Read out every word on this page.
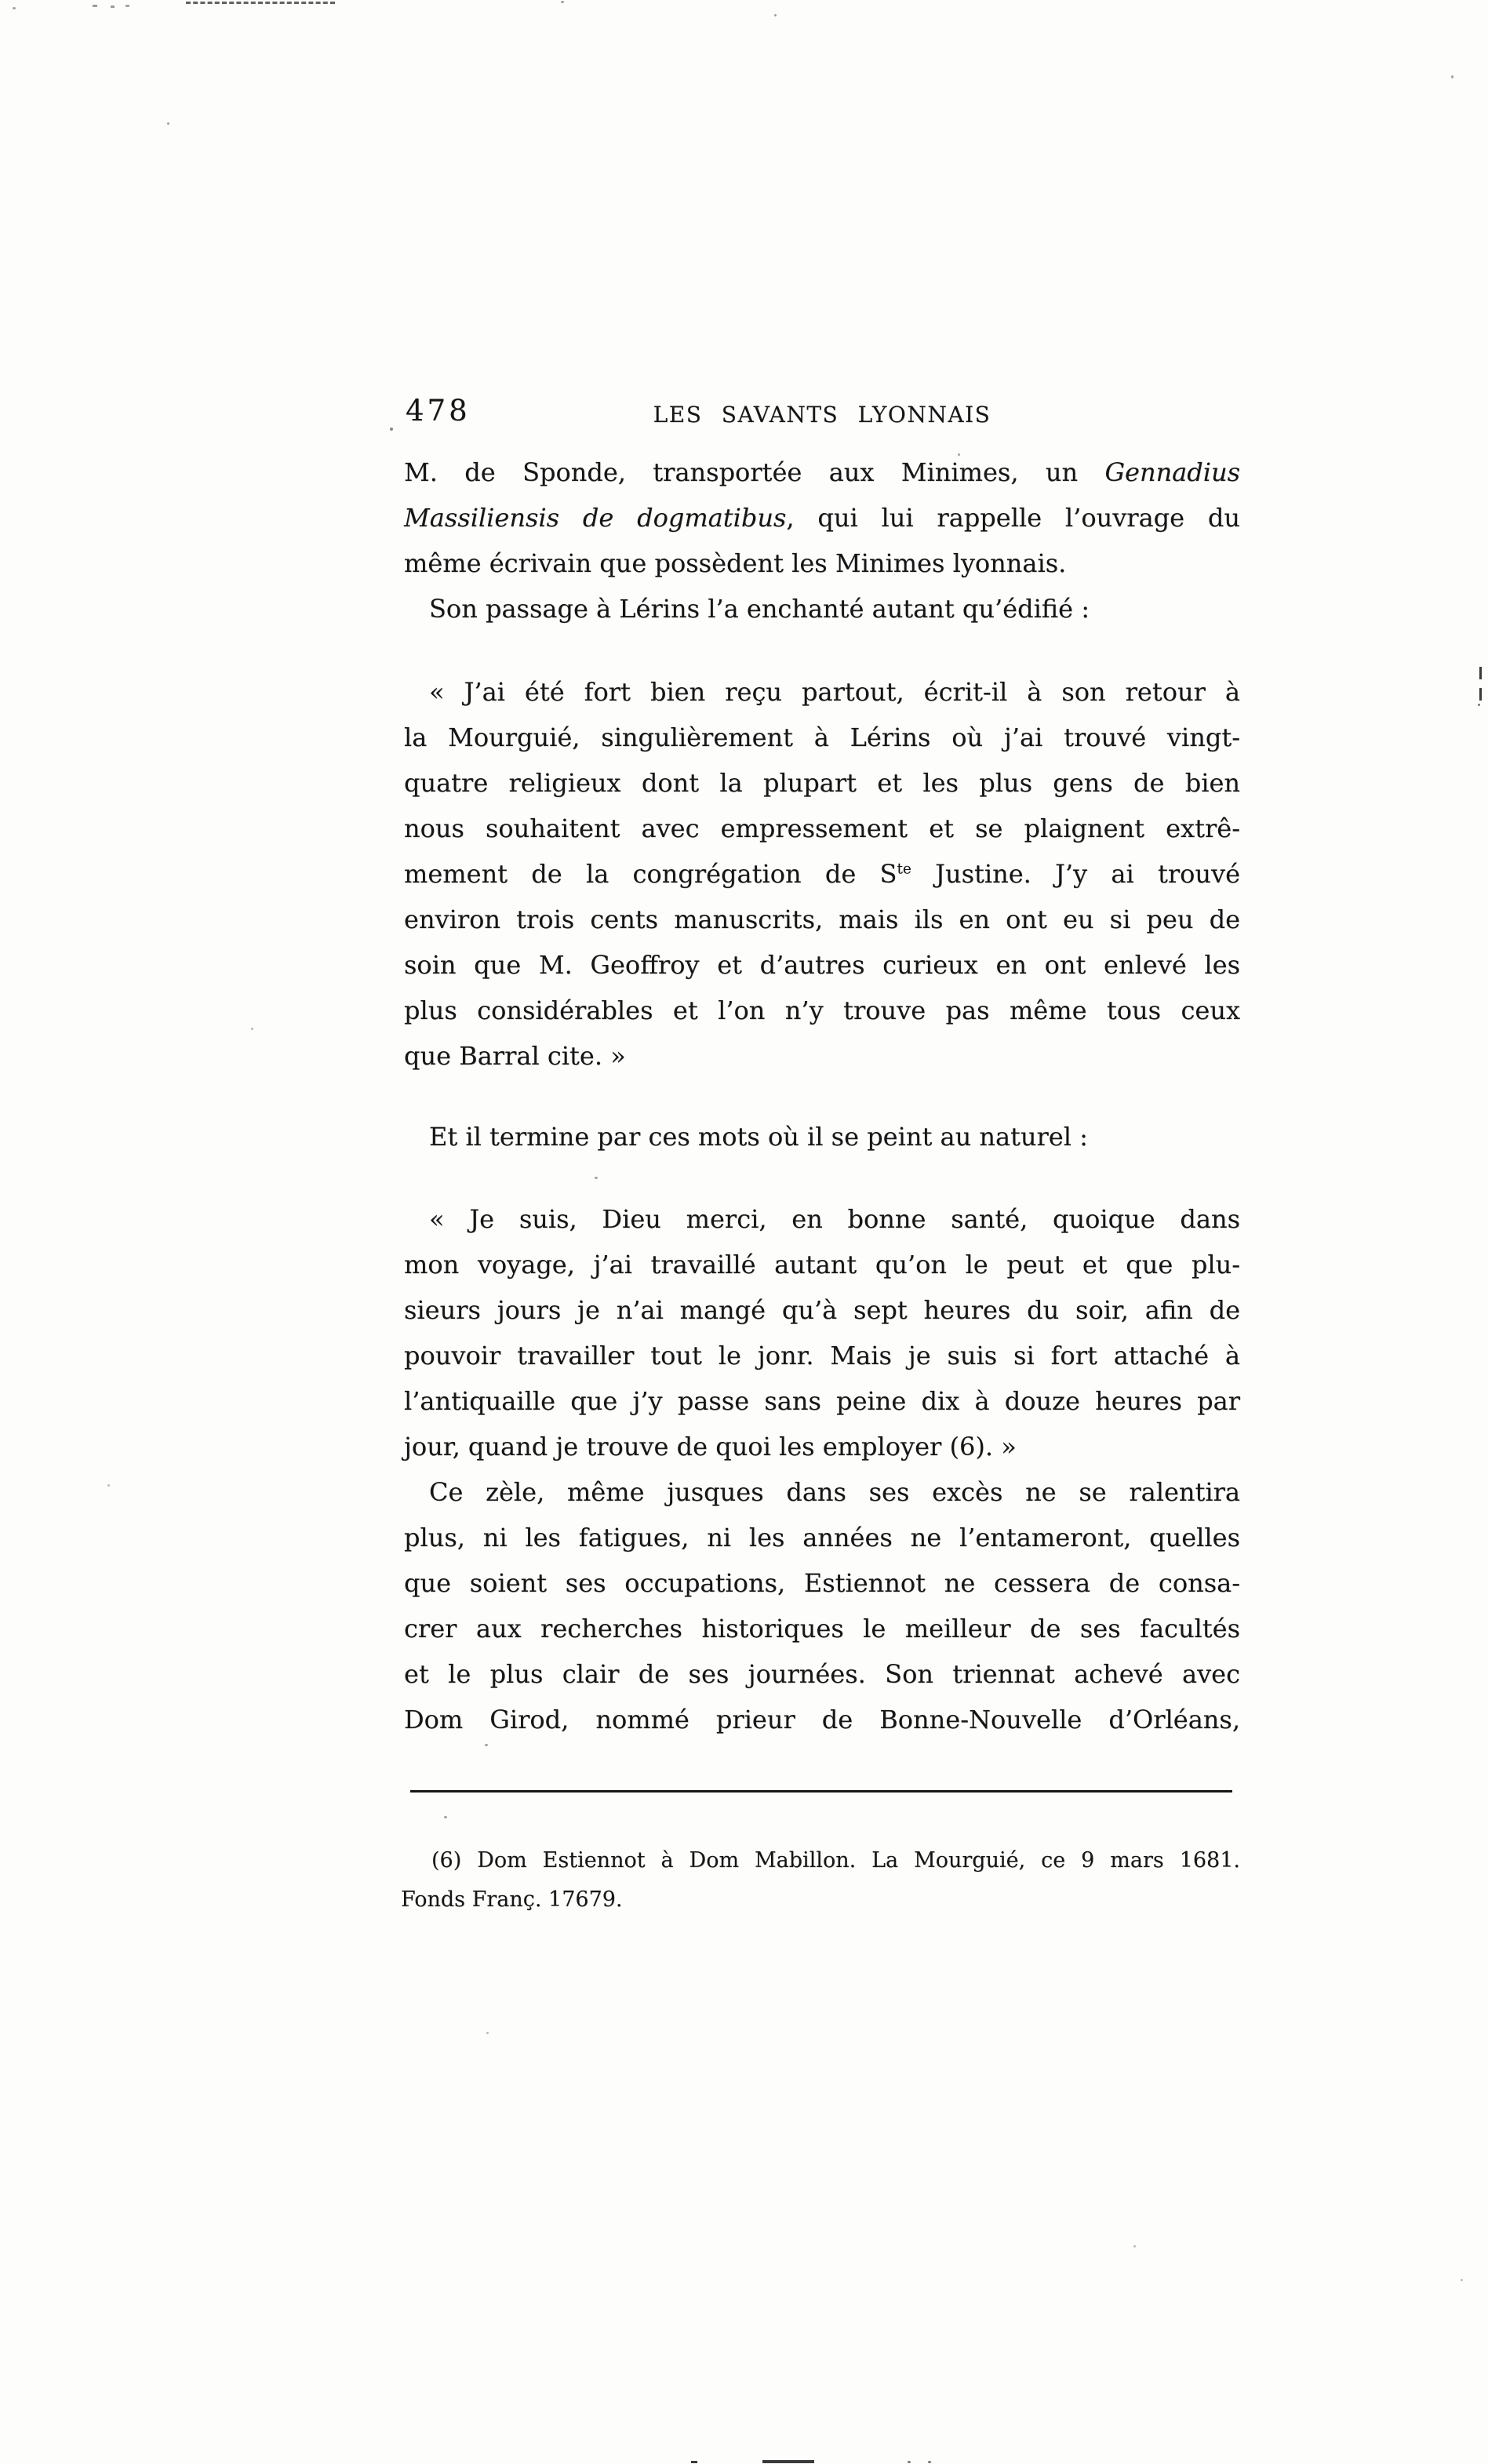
478	LES SAVANTS LYONNAIS
M. de Sponde, transportée aux Minimes, un Gennadius
Massiliensis de dogmatibus, qui lui rappelle l’ouvrage du
même écrivain que possèdent les Minimes lyonnais.
Son passage à Lérins l’a enchanté autant qu’édifié :
« J’ai été fort bien reçu partout, écrit-il à son retour à
la Mourguié, singulièrement à Lérins où j’ai trouvé vingt-
quatre religieux dont la plupart et les plus gens de bien
nous souhaitent avec empressement et se plaignent extrê-
mement de la congrégation de $S^{te}$ Justine. J’y ai trouvé
environ trois cents manuscrits, mais ils en ont eu si peu de
soin que M. Geoffroy et d’autres curieux en ont enlevé les
plus considérables et l’on n’y trouve pas même tous ceux
que Barral cite. »
Et il termine par ces mots où il se peint au naturel :
« Je suis, Dieu merci, en bonne santé, quoique dans
mon voyage, j’ai travaillé autant qu’on le peut et que plu-
sieurs jours je n’ai mangé qu’à sept heures du soir, afin de
pouvoir travailler tout le jonr. Mais je suis si fort attaché à
l’antiquaille que j’y passe sans peine dix à douze heures par
jour, quand je trouve de quoi les employer (6). »
Ce zèle, même jusques dans ses excès ne se ralentira
plus, ni les fatigues, ni les années ne l’entameront, quelles
que soient ses occupations, Estiennot ne cessera de consa-
crer aux recherches historiques le meilleur de ses facultés
et le plus clair de ses journées. Son triennat achevé avec
Dom Girod, nommé prieur de Bonne-Nouvelle d’Orléans,
(6) Dom Estiennot à Dom Mabillon. La Mourguié, ce 9 mars 1681.
Fonds Franç. 17679.
